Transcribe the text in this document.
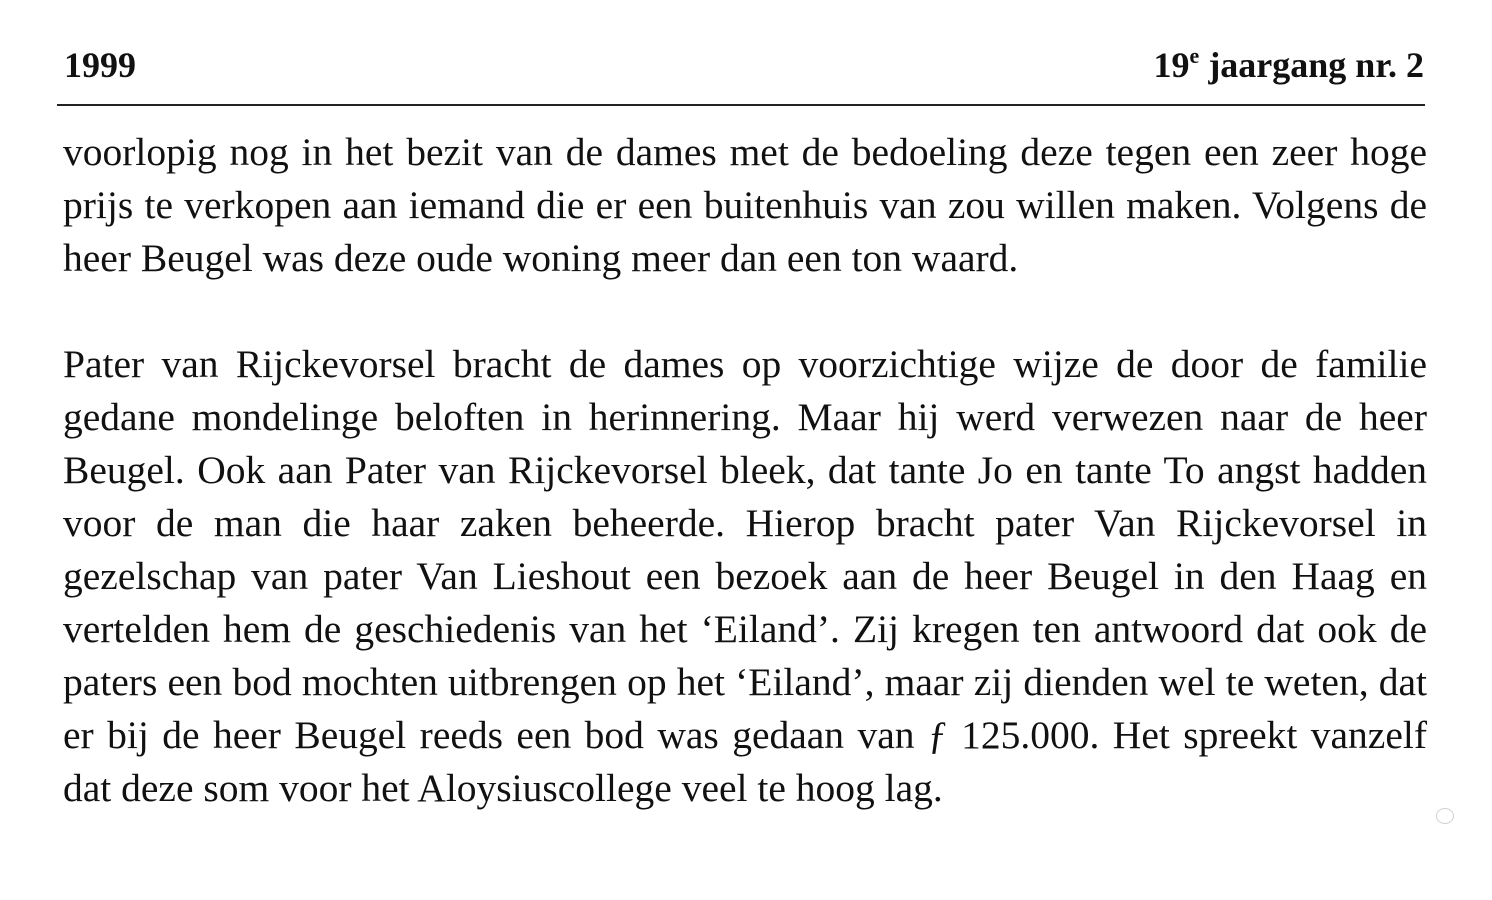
1999	19e jaargang nr. 2

voorlopig nog in het bezit van de dames met de bedoeling deze tegen een zeer hoge prijs te verkopen aan iemand die er een buitenhuis van zou willen maken. Volgens de heer Beugel was deze oude woning meer dan een ton waard.

Pater van Rijckevorsel bracht de dames op voorzichtige wijze de door de familie gedane mondelinge beloften in herinnering. Maar hij werd verwezen naar de heer Beugel. Ook aan Pater van Rijckevorsel bleek, dat tante Jo en tante To angst hadden voor de man die haar zaken beheerde. Hierop bracht pater Van Rijckevorsel in gezelschap van pater Van Lieshout een bezoek aan de heer Beugel in den Haag en vertelden hem de geschiedenis van het ‘Eiland’. Zij kregen ten antwoord dat ook de paters een bod mochten uitbrengen op het ‘Eiland’, maar zij dienden wel te weten, dat er bij de heer Beugel reeds een bod was gedaan van ƒ 125.000. Het spreekt vanzelf dat deze som voor het Aloysiuscollege veel te hoog lag.
